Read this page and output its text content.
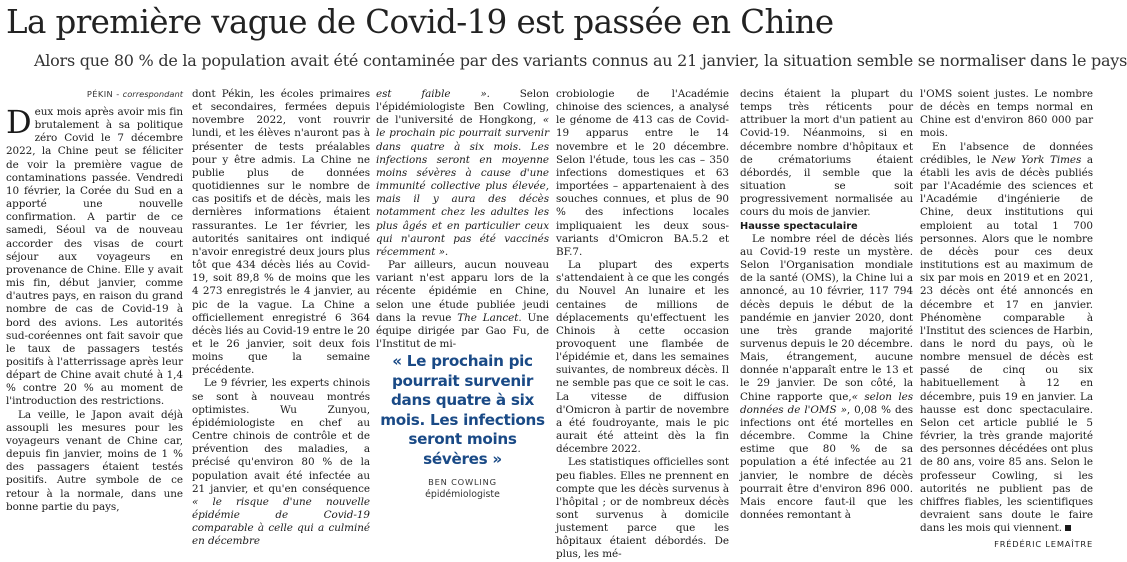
La première vague de Covid-19 est passée en Chine
Alors que 80 % de la population avait été contaminée par des variants connus au 21 janvier, la situation semble se normaliser dans le pays
PÉKIN - correspondant

Deux mois après avoir mis fin brutalement à sa politique zéro Covid le 7 décembre 2022, la Chine peut se féliciter de voir la première vague de contaminations passée. Vendredi 10 février, la Corée du Sud en a apporté une nouvelle confirmation. A partir de ce samedi, Séoul va de nouveau accorder des visas de court séjour aux voyageurs en provenance de Chine. Elle y avait mis fin, début janvier, comme d'autres pays, en raison du grand nombre de cas de Covid-19 à bord des avions. Les autorités sud-coréennes ont fait savoir que le taux de passagers testés positifs à l'atterrissage après leur départ de Chine avait chuté à 1,4 % contre 20 % au moment de l'introduction des restrictions.

La veille, le Japon avait déjà assoupli les mesures pour les voyageurs venant de Chine car, depuis fin janvier, moins de 1 % des passagers étaient testés positifs. Autre symbole de ce retour à la normale, dans une bonne partie du pays,

dont Pékin, les écoles primaires et secondaires, fermées depuis novembre 2022, vont rouvrir lundi, et les élèves n'auront pas à présenter de tests préalables pour y être admis. La Chine ne publie plus de données quotidiennes sur le nombre de cas positifs et de décès, mais les dernières informations étaient rassurantes. Le 1er février, les autorités sanitaires ont indiqué n'avoir enregistré deux jours plus tôt que 434 décès liés au Covid-19, soit 89,8 % de moins que les 4 273 enregistrés le 4 janvier, au pic de la vague. La Chine a officiellement enregistré 6 364 décès liés au Covid-19 entre le 20 et le 26 janvier, soit deux fois moins que la semaine précédente.

Le 9 février, les experts chinois se sont à nouveau montrés optimistes. Wu Zunyou, épidémiologiste en chef au Centre chinois de contrôle et de prévention des maladies, a précisé qu'environ 80 % de la population avait été infectée au 21 janvier, et qu'en conséquence « le risque d'une nouvelle épidémie de Covid-19 comparable à celle qui a culminé en décembre

est faible ». Selon l'épidémiologiste Ben Cowling, de l'université de Hongkong, « le prochain pic pourrait survenir dans quatre à six mois. Les infections seront en moyenne moins sévères à cause d'une immunité collective plus élevée, mais il y aura des décès notamment chez les adultes les plus âgés et en particulier ceux qui n'auront pas été vaccinés récemment ».

Par ailleurs, aucun nouveau variant n'est apparu lors de la récente épidémie en Chine, selon une étude publiée jeudi dans la revue The Lancet. Une équipe dirigée par Gao Fu, de l'Institut de mi-

« Le prochain pic pourrait survenir dans quatre à six mois. Les infections seront moins sévères »
BEN COWLING
épidémiologiste

crobiologie de l'Académie chinoise des sciences, a analysé le génome de 413 cas de Covid-19 apparus entre le 14 novembre et le 20 décembre. Selon l'étude, tous les cas – 350 infections domestiques et 63 importées – appartenaient à des souches connues, et plus de 90 % des infections locales impliquaient les deux sous-variants d'Omicron BA.5.2 et BF.7.

La plupart des experts s'attendaient à ce que les congés du Nouvel An lunaire et les centaines de millions de déplacements qu'effectuent les Chinois à cette occasion provoquent une flambée de l'épidémie et, dans les semaines suivantes, de nombreux décès. Il ne semble pas que ce soit le cas. La vitesse de diffusion d'Omicron à partir de novembre a été foudroyante, mais le pic aurait été atteint dès la fin décembre 2022.

Les statistiques officielles sont peu fiables. Elles ne prennent en compte que les décès survenus à l'hôpital ; or de nombreux décès sont survenus à domicile justement parce que les hôpitaux étaient débordés. De plus, les mé-

decins étaient la plupart du temps très réticents pour attribuer la mort d'un patient au Covid-19. Néanmoins, si en décembre nombre d'hôpitaux et de crématoriums étaient débordés, il semble que la situation se soit progressivement normalisée au cours du mois de janvier.

Hausse spectaculaire

Le nombre réel de décès liés au Covid-19 reste un mystère. Selon l'Organisation mondiale de la santé (OMS), la Chine lui a annoncé, au 10 février, 117 794 décès depuis le début de la pandémie en janvier 2020, dont une très grande majorité survenus depuis le 20 décembre. Mais, étrangement, aucune donnée n'apparaît entre le 13 et le 29 janvier. De son côté, la Chine rapporte que,« selon les données de l'OMS », 0,08 % des infections ont été mortelles en décembre. Comme la Chine estime que 80 % de sa population a été infectée au 21 janvier, le nombre de décès pourrait être d'environ 896 000. Mais encore faut-il que les données remontant à

l'OMS soient justes. Le nombre de décès en temps normal en Chine est d'environ 860 000 par mois.

En l'absence de données crédibles, le New York Times a établi les avis de décès publiés par l'Académie des sciences et l'Académie d'ingénierie de Chine, deux institutions qui emploient au total 1 700 personnes. Alors que le nombre de décès pour ces deux institutions est au maximum de six par mois en 2019 et en 2021, 23 décès ont été annoncés en décembre et 17 en janvier. Phénomène comparable à l'Institut des sciences de Harbin, dans le nord du pays, où le nombre mensuel de décès est passé de cinq ou six habituellement à 12 en décembre, puis 19 en janvier. La hausse est donc spectaculaire. Selon cet article publié le 5 février, la très grande majorité des personnes décédées ont plus de 80 ans, voire 85 ans. Selon le professeur Cowling, si les autorités ne publient pas de chiffres fiables, les scientifiques devraient sans doute le faire dans les mois qui viennent.

FRÉDÉRIC LEMAÎTRE
